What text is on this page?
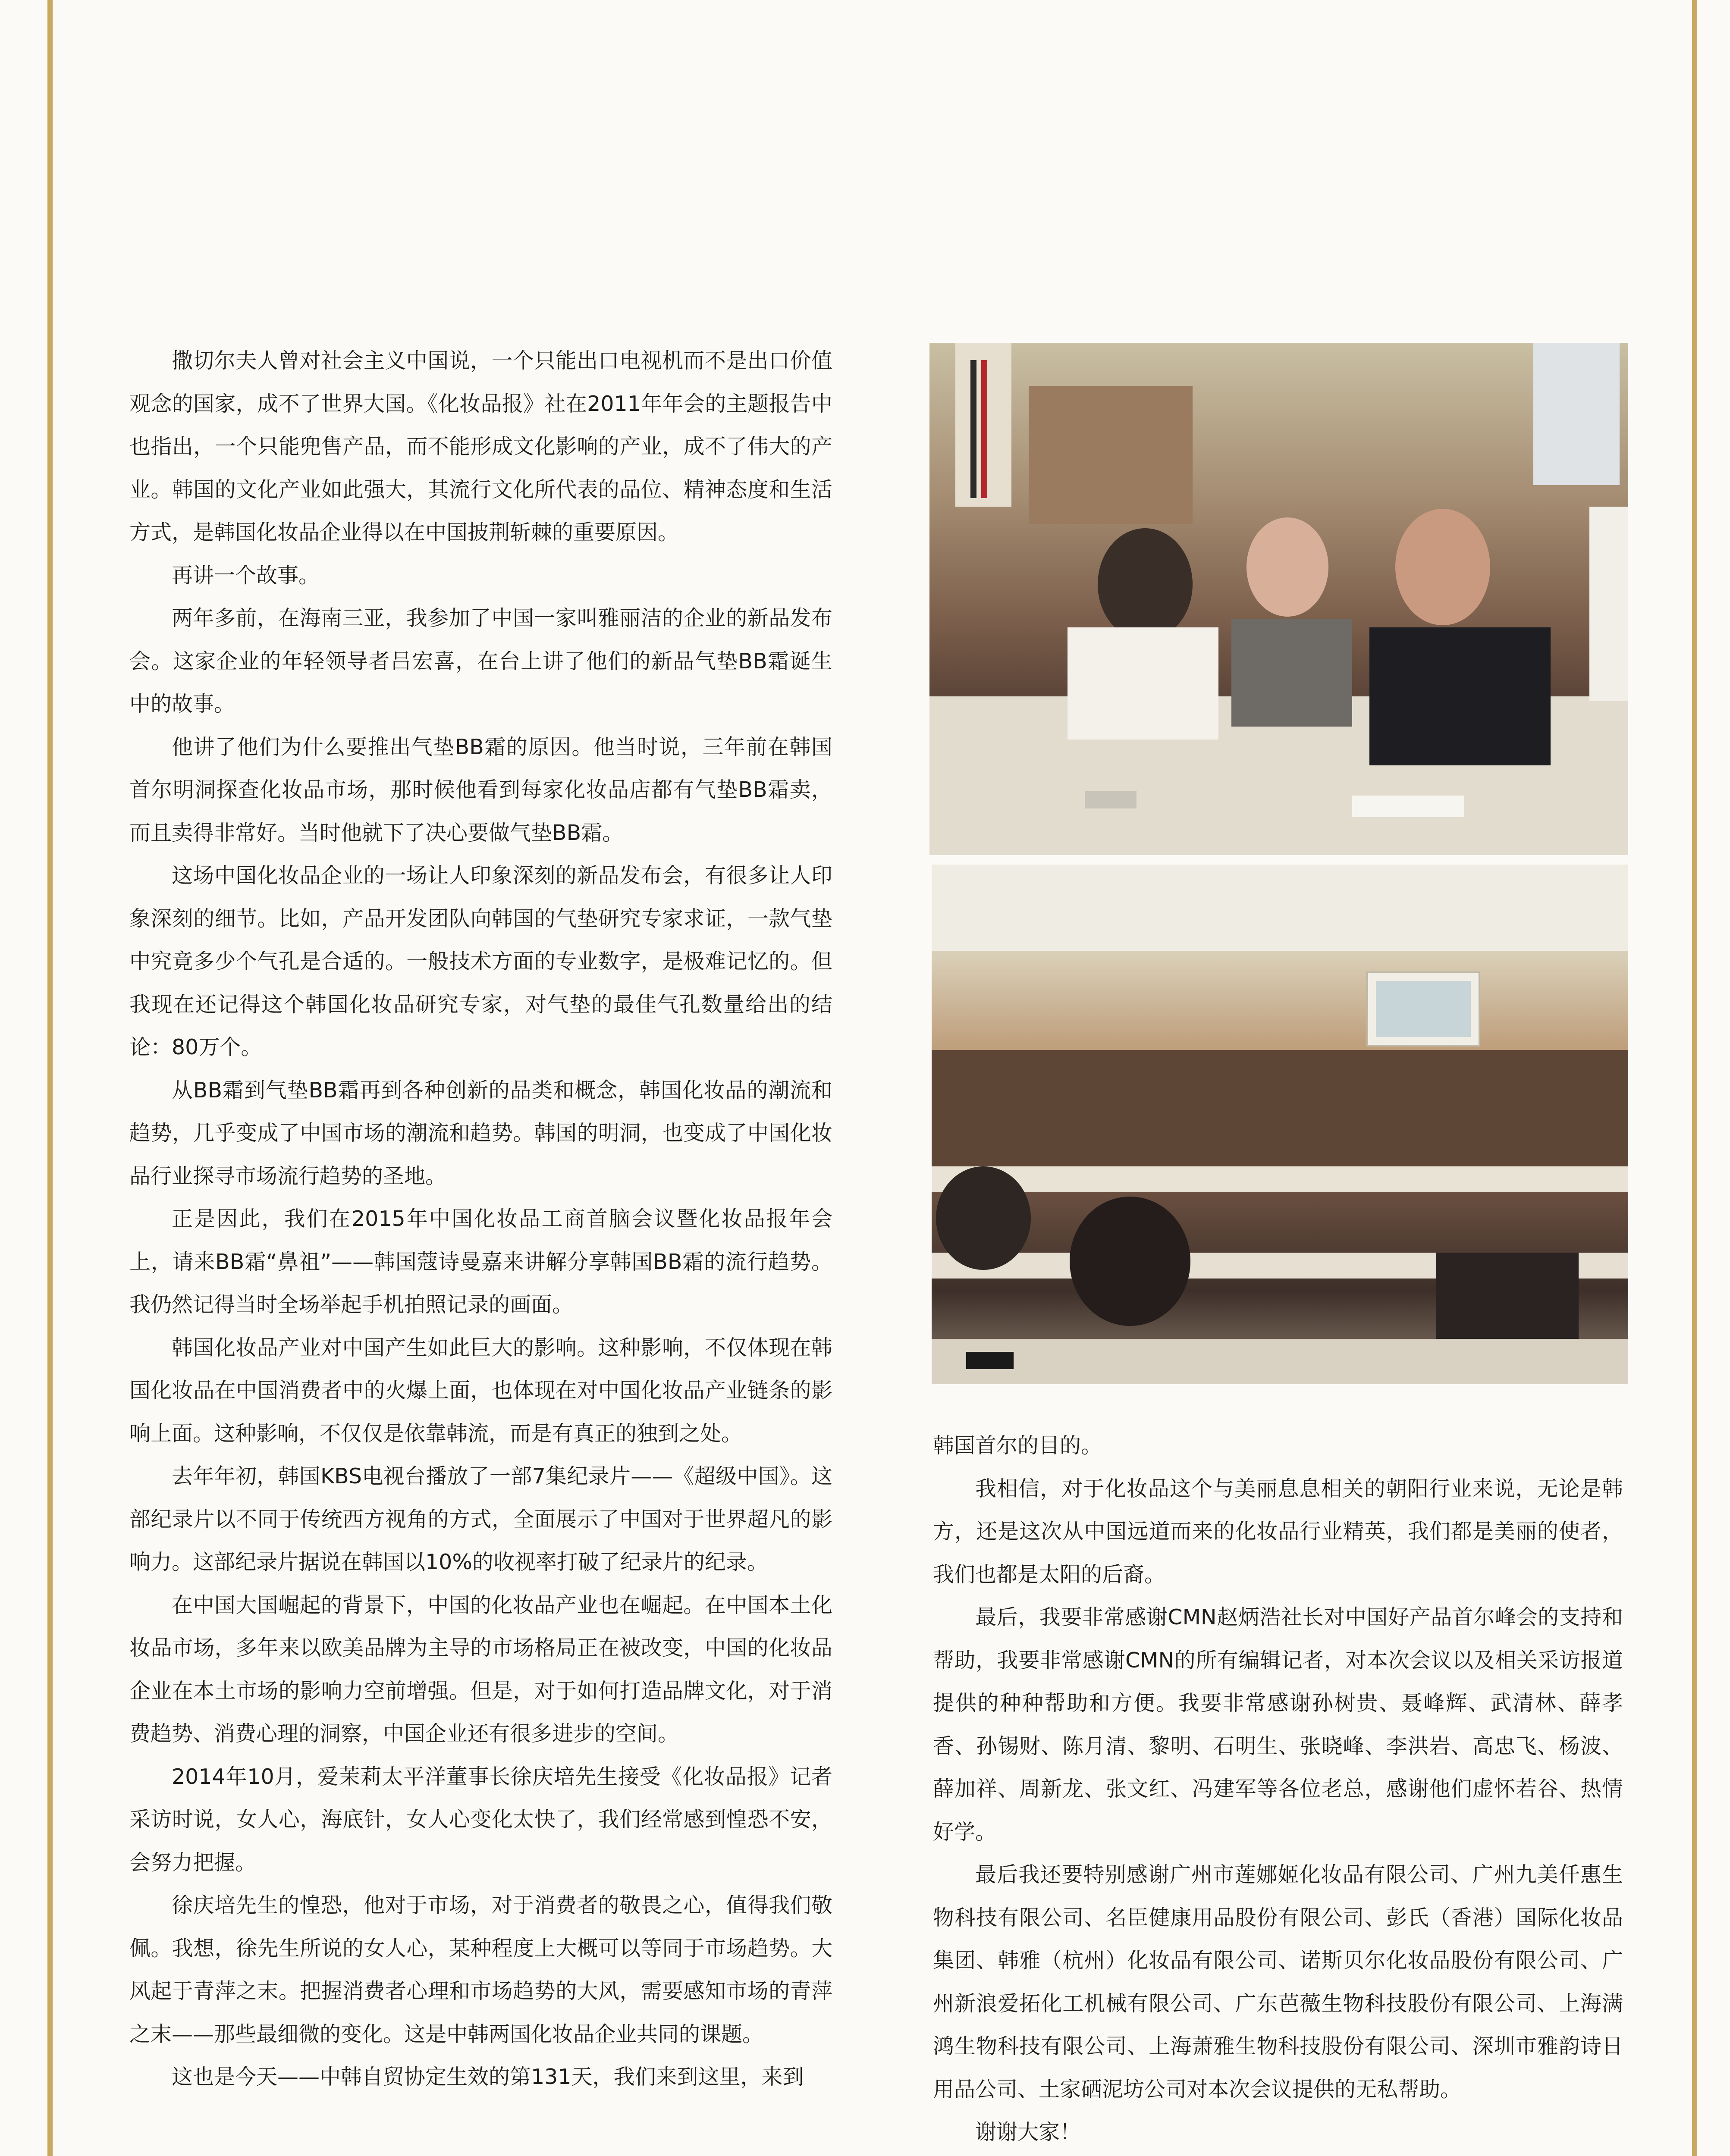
撒切尔夫人曾对社会主义中国说，一个只能出口电视机而不是出口价值观念的国家，成不了世界大国。《化妆品报》社在2011年年会的主题报告中也指出，一个只能兜售产品，而不能形成文化影响的产业，成不了伟大的产业。韩国的文化产业如此强大，其流行文化所代表的品位、精神态度和生活方式，是韩国化妆品企业得以在中国披荆斩棘的重要原因。

再讲一个故事。

两年多前，在海南三亚，我参加了中国一家叫雅丽洁的企业的新品发布会。这家企业的年轻领导者吕宏喜，在台上讲了他们的新品气垫BB霜诞生中的故事。

他讲了他们为什么要推出气垫BB霜的原因。他当时说，三年前在韩国首尔明洞探查化妆品市场，那时候他看到每家化妆品店都有气垫BB霜卖，而且卖得非常好。当时他就下了决心要做气垫BB霜。

这场中国化妆品企业的一场让人印象深刻的新品发布会，有很多让人印象深刻的细节。比如，产品开发团队向韩国的气垫研究专家求证，一款气垫中究竟多少个气孔是合适的。一般技术方面的专业数字，是极难记忆的。但我现在还记得这个韩国化妆品研究专家，对气垫的最佳气孔数量给出的结论：80万个。

从BB霜到气垫BB霜再到各种创新的品类和概念，韩国化妆品的潮流和趋势，几乎变成了中国市场的潮流和趋势。韩国的明洞，也变成了中国化妆品行业探寻市场流行趋势的圣地。

正是因此，我们在2015年中国化妆品工商首脑会议暨化妆品报年会上，请来BB霜“鼻祖”——韩国蔻诗曼嘉来讲解分享韩国BB霜的流行趋势。我仍然记得当时全场举起手机拍照记录的画面。

韩国化妆品产业对中国产生如此巨大的影响。这种影响，不仅体现在韩国化妆品在中国消费者中的火爆上面，也体现在对中国化妆品产业链条的影响上面。这种影响，不仅仅是依靠韩流，而是有真正的独到之处。

去年年初，韩国KBS电视台播放了一部7集纪录片——《超级中国》。这部纪录片以不同于传统西方视角的方式，全面展示了中国对于世界超凡的影响力。这部纪录片据说在韩国以10%的收视率打破了纪录片的纪录。

在中国大国崛起的背景下，中国的化妆品产业也在崛起。在中国本土化妆品市场，多年来以欧美品牌为主导的市场格局正在被改变，中国的化妆品企业在本土市场的影响力空前增强。但是，对于如何打造品牌文化，对于消费趋势、消费心理的洞察，中国企业还有很多进步的空间。

2014年10月，爱茉莉太平洋董事长徐庆培先生接受《化妆品报》记者采访时说，女人心，海底针，女人心变化太快了，我们经常感到惶恐不安，会努力把握。

徐庆培先生的惶恐，他对于市场，对于消费者的敬畏之心，值得我们敬佩。我想，徐先生所说的女人心，某种程度上大概可以等同于市场趋势。大风起于青萍之末。把握消费者心理和市场趋势的大风，需要感知市场的青萍之末——那些最细微的变化。这是中韩两国化妆品企业共同的课题。

这也是今天——中韩自贸协定生效的第131天，我们来到这里，来到

韩国首尔的目的。

我相信，对于化妆品这个与美丽息息相关的朝阳行业来说，无论是韩方，还是这次从中国远道而来的化妆品行业精英，我们都是美丽的使者，我们也都是太阳的后裔。

最后，我要非常感谢CMN赵炳浩社长对中国好产品首尔峰会的支持和帮助，我要非常感谢CMN的所有编辑记者，对本次会议以及相关采访报道提供的种种帮助和方便。我要非常感谢孙树贵、聂峰辉、武清林、薛孝香、孙锡财、陈月清、黎明、石明生、张晓峰、李洪岩、高忠飞、杨波、薛加祥、周新龙、张文红、冯建军等各位老总，感谢他们虚怀若谷、热情好学。

最后我还要特别感谢广州市莲娜姬化妆品有限公司、广州九美仟惠生物科技有限公司、名臣健康用品股份有限公司、彭氏（香港）国际化妆品集团、韩雅（杭州）化妆品有限公司、诺斯贝尔化妆品股份有限公司、广州新浪爱拓化工机械有限公司、广东芭薇生物科技股份有限公司、上海满鸿生物科技有限公司、上海萧雅生物科技股份有限公司、深圳市雅韵诗日用品公司、土家硒泥坊公司对本次会议提供的无私帮助。

谢谢大家！
